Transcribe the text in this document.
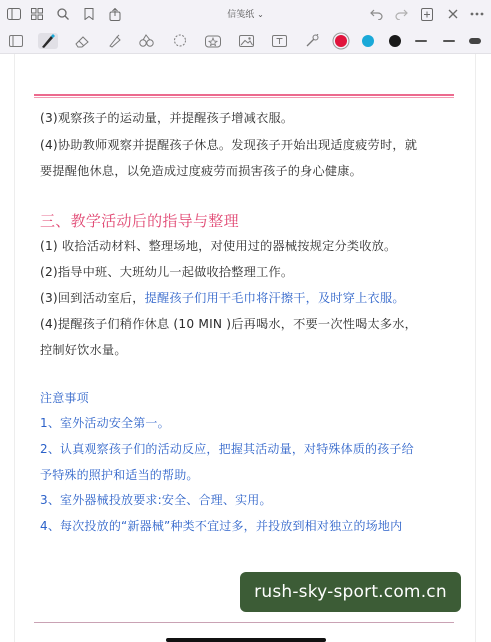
信笺纸 ⌄
(3)观察孩子的运动量，并提醒孩子增减衣服。
(4)协助教师观察并提醒孩子休息。发现孩子开始出现适度疲劳时，就
要提醒他休息，以免造成过度疲劳而损害孩子的身心健康。
三、教学活动后的指导与整理
(1) 收拾活动材料、整理场地，对使用过的器械按规定分类收放。
(2)指导中班、大班幼儿一起做收拾整理工作。
(3)回到活动室后，提醒孩子们用干毛巾将汗擦干，及时穿上衣服。
(4)提醒孩子们稍作休息 (10 MIN )后再喝水，不要一次性喝太多水，
控制好饮水量。
注意事项
1、室外活动安全第一。
2、认真观察孩子们的活动反应，把握其活动量，对特殊体质的孩子给
予特殊的照护和适当的帮助。
3、室外器械投放要求:安全、合理、实用。
4、每次投放的“新器械”种类不宜过多，并投放到相对独立的场地内
rush-sky-sport.com.cn
